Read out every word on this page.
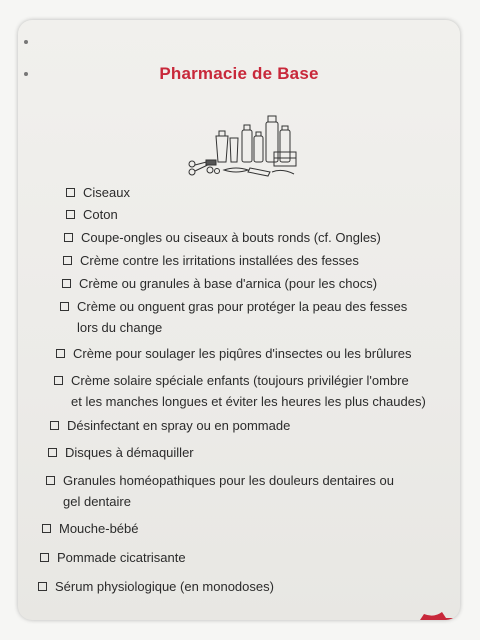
Pharmacie de Base
Ciseaux
Coton
Coupe-ongles ou ciseaux à bouts ronds (cf. Ongles)
Crème contre les irritations installées des fesses
Crème ou granules à base d'arnica (pour les chocs)
Crème ou onguent gras pour protéger la peau des fesses
lors du change
Crème pour soulager les piqûres d'insectes ou les brûlures
Crème solaire spéciale enfants (toujours privilégier l'ombre
et les manches longues et éviter les heures les plus chaudes)
Désinfectant en spray ou en pommade
Disques à démaquiller
Granules homéopathiques pour les douleurs dentaires ou
gel dentaire
Mouche-bébé
Pommade cicatrisante
Sérum physiologique (en monodoses)
